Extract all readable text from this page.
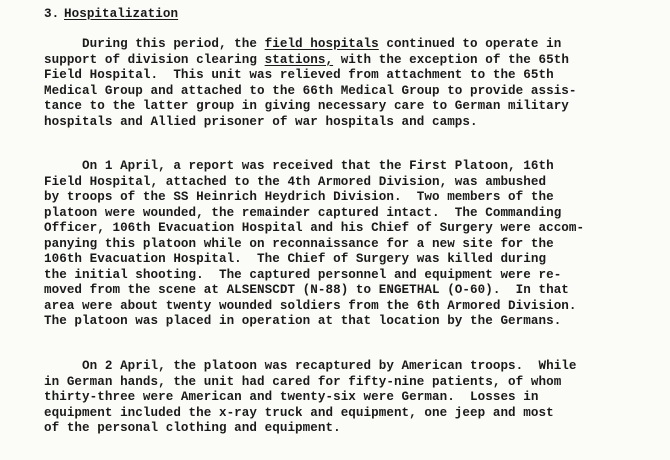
3. Hospitalization
During this period, the field hospitals continued to operate in
support of division clearing stations, with the exception of the 65th
Field Hospital.  This unit was relieved from attachment to the 65th
Medical Group and attached to the 66th Medical Group to provide assis-
tance to the latter group in giving necessary care to German military
hospitals and Allied prisoner of war hospitals and camps.
On 1 April, a report was received that the First Platoon, 16th
Field Hospital, attached to the 4th Armored Division, was ambushed
by troops of the SS Heinrich Heydrich Division.  Two members of the
platoon were wounded, the remainder captured intact.  The Commanding
Officer, 106th Evacuation Hospital and his Chief of Surgery were accom-
panying this platoon while on reconnaissance for a new site for the
106th Evacuation Hospital.  The Chief of Surgery was killed during
the initial shooting.  The captured personnel and equipment were re-
moved from the scene at ALSENSCDT (N-88) to ENGETHAL (O-60).  In that
area were about twenty wounded soldiers from the 6th Armored Division.
The platoon was placed in operation at that location by the Germans.
On 2 April, the platoon was recaptured by American troops.  While
in German hands, the unit had cared for fifty-nine patients, of whom
thirty-three were American and twenty-six were German.  Losses in
equipment included the x-ray truck and equipment, one jeep and most
of the personal clothing and equipment.
